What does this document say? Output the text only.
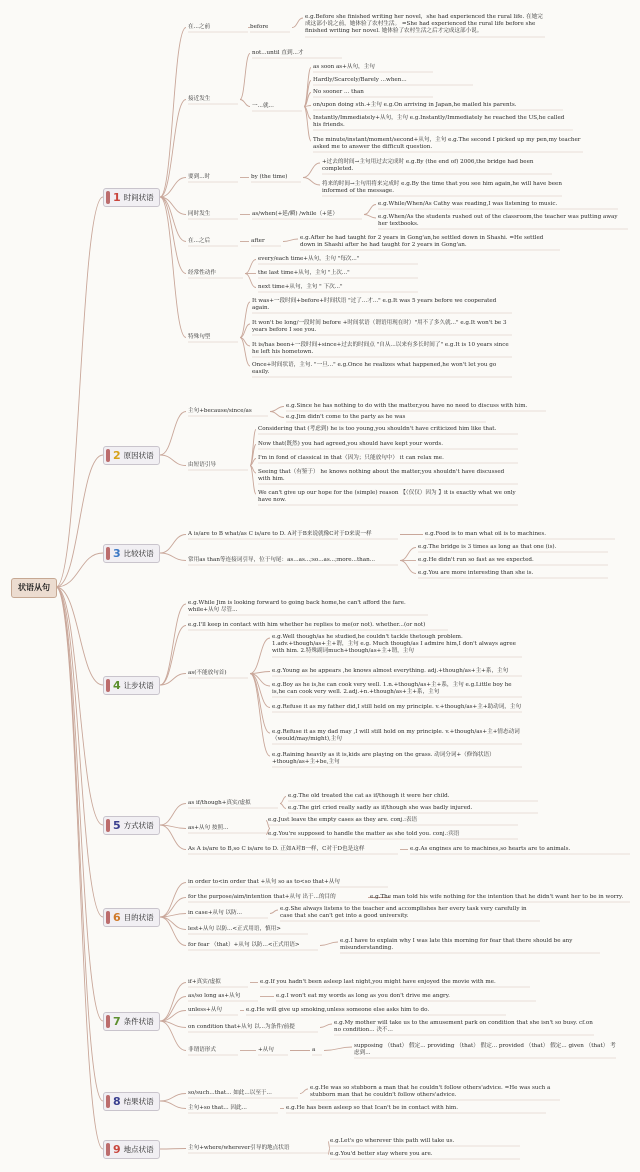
状语从句
1 时间状语
2 原因状语
3 比较状语
4 让步状语
5 方式状语
6 目的状语
7 条件状语
8 结果状语
9 地点状语
在...之前	before
e.g.Before she finished writing her novel，she had experienced the rural life. 在她完成这部小说之前，她体验了农村生活。 =She had experienced the rural life before she finished writing her novel. 她体验了农村生活之后才完成这部小说。
接近发生
not...until 直到...才
一...就...
as soon as+从句，主句
Hardly/Scarcely/Barely ...when...
No sooner ... than
on/upon doing sth.+主句 e.g.On arriving in Japan,he mailed his parents.
Instantly/Immediately+从句，主句 e.g.Instantly/Immediately he reached the US,he called his friends.
The minute/instant/moment/second+从句，主句 e.g.The second I picked up my pen,my teacher asked me to answer the difficult question.
要到...时	by (the time)
+过去的时间→主句用过去完成时 e.g.By (the end of) 2006,the bridge had been completed.
将来的时间→主句用将来完成时 e.g.By the time that you see him again,he will have been informed of the message.
同时发生	as/when(+延/瞬) /while（+延）
e.g.While/When/As Cathy was reading,I was listening to music.
e.g.When/As the students rushed out of the classroom,the teacher was putting away her textbooks.
在...之后	after	e.g.After he had taught for 2 years in Gong'an,he settled down in Shashi. =He settled down in Shashi after he had taught for 2 years in Gong'an.
经常性动作
every/each time+从句，主句 "每次..."
the last time+从句，主句 "上次..."
next time+从句，主句 " 下次..."
特殊句型
It was+一段时间+before+时间状语 "过了...才..." e.g.It was 5 years before we cooperated again.
It won't be long/一段时间 before +时间状语（谓语用现在时）"用不了多久就..." e.g.It won't be 3 years before I see you.
It is/has been+一段时间+since+过去的时间点 "自从...以来有多长时间了" e.g.It is 10 years since he left his hometown.
Once+时间状语，主句. "一旦..." e.g.Once he realizes what happened,he won't let you go easily.
主句+because/since/as
e.g.Since he has nothing to do with the matter,you have no need to discuss with him.
e.g.Jim didn't come to the party as he was
由短语引导
Considering that (考虑到) he is too young,you shouldn't have criticized him like that.
Now that(既然) you had agreed,you should have kept your words.
I'm in fond of classical in that（因为；只能放句中） it can relax me.
Seeing that（有鉴于） he knows nothing about the matter,you shouldn't have discussed with him.
We can't give up our hope for the (simple) reason 【（仅仅）因为 】it is exactly what we only have now.
A is/are to B what/as C is/are to D. A对于B来说就像C对于D来说一样	e.g.Food is to man what oil is to machines.
常用as than等连接词引导，位于句尾：as...as...;so...as...;more...than...
e.g.The bridge is 3 times as long as that one (is).
e.g.He didn't run so fast as we expected.
e.g.You are more interesting than she is.
e.g.While Jim is looking forward to going back home,he can't afford the fare. while+从句 尽管...
e.g.I'll keep in contact with him whether he replies to me(or not). whether...(or not)
as(不能放句首)
e.g.Well though/as he studied,he couldn't tackle thetough problem. 1.adv.+though/as+主+谓，主句 e.g. Much though/as I admire him,I don't always agree with him. 2.特殊副词much+though/as+主+谓，主句
e.g.Young as he appears ,he knows almost everything. adj.+though/as+主+系，主句
e.g.Boy as he is,he can cook very well. 1.n.+though/as+主+系，主句 e.g.Little boy he is,he can cook very well. 2.adj.+n.+though/as+主+系，主句
e.g.Refuse it as my father did,I still held on my principle. v.+though/as+主+助动词，主句
e.g.Refuse it as my dad may ,I will still hold on my principle. v.+though/as+主+情态动词（would/may/might),主句
e.g.Raining heavily as it is,kids are playing on the grass. 动词分词+（修饰状语）+though/as+主+be,主句
as if/though+真实/虚拟
e.g.The old treated the cat as if/though it were her child.
e.g.The girl cried really sadly as if/though she was badly injured.
as+从句 按照...
e.g.Just leave the empty cases as they are. conj.:表语
e.g.You're supposed to handle the matter as she told you. conj.:宾语
As A is/are to B,so C is/are to D. 正如A对B一样，C对于D也是这样	e.g.As engines are to machines,so hearts are to animals.
in order to<in order that +从句 so as to<so that+从句
for the purpose/aim/intention that+从句 出于...的目的	e.g.The man told his wife nothing for the intention that he didn't want her to be in worry.
in case+从句 以防...
e.g.She always listens to the teacher and accomplishes her every task very carefully in case that she can't get into a good university.
lest+从句 以防...<正式用语，慎用>
for fear （that）+从句 以防...<正式用语>
e.g.I have to explain why I was late this morning for fear that there should be any misunderstanding.
if+真实/虚拟	e.g.If you hadn't been asleep last night,you might have enjoyed the movie with me.
as/so long as+从句	e.g.I won't eat my words as long as you don't drive me angry.
unless+从句	e.g.He will give up smoking,unless someone else asks him to do.
on condition that+从句 以...为条件/前提
e.g.My mother will take us to the amusement park on condition that she isn't so busy. cf.on no condition... 决不...
非谓语形式	+从句	a
supposing （that） 假定... providing （that） 假定... provided （that） 假定... given （that） 考虑到...
so/such...that... 如此...以至于...
e.g.He was so stubborn a man that he couldn't follow others'advice. =He was such a stubborn man that he couldn't follow others'advice.
主句+so that... 因此...	e.g.He has been asleep so that Ican't be in contact with him.
主句+where/wherever引导的地点状语
e.g.Let's go wherever this path will take us.
e.g.You'd better stay where you are.
